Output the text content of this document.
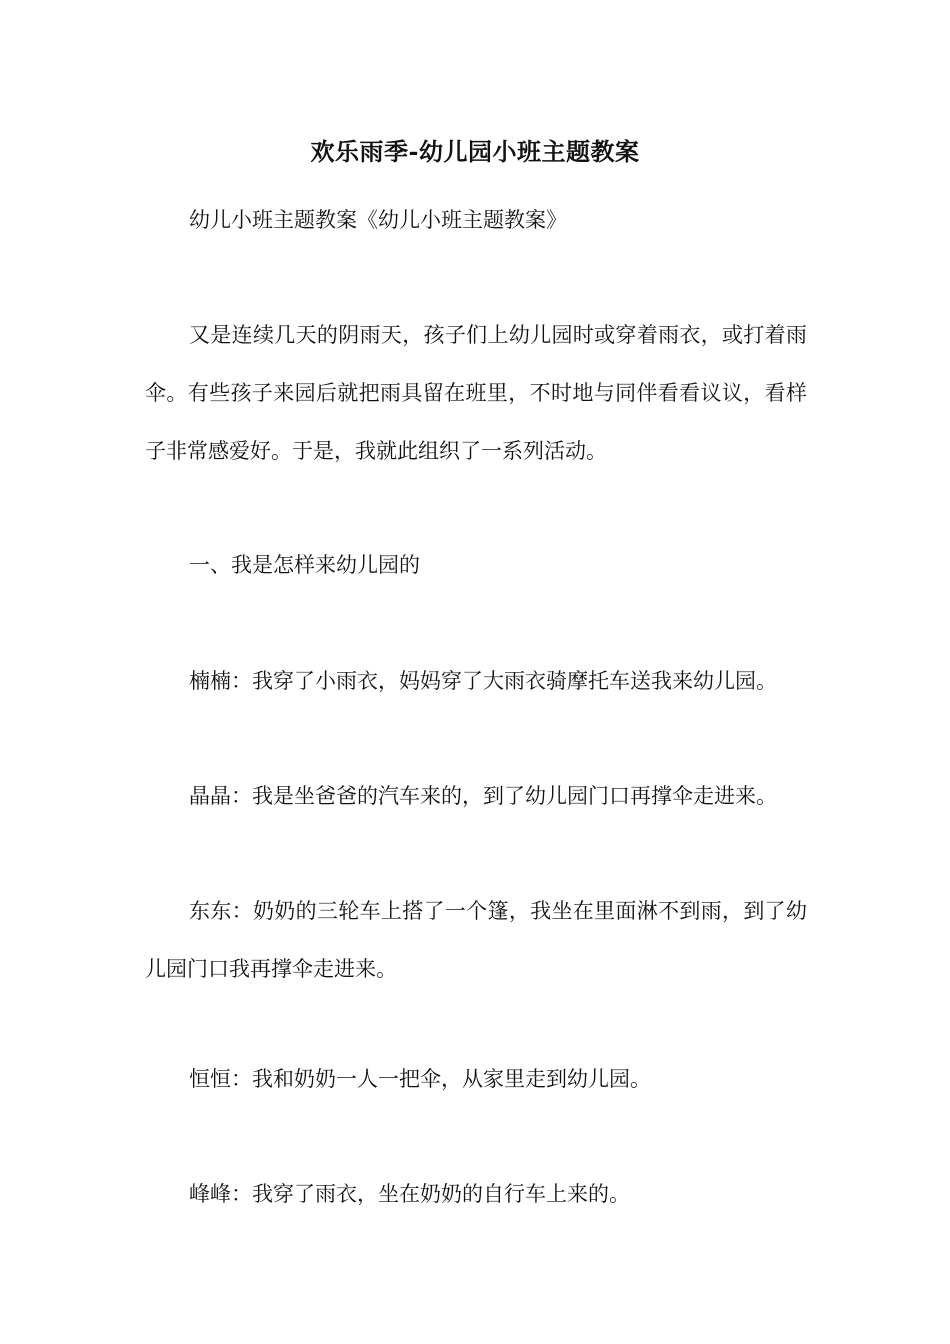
欢乐雨季-幼儿园小班主题教案

幼儿小班主题教案《幼儿小班主题教案》

又是连续几天的阴雨天，孩子们上幼儿园时或穿着雨衣，或打着雨伞。有些孩子来园后就把雨具留在班里，不时地与同伴看看议议，看样子非常感爱好。于是，我就此组织了一系列活动。

一、我是怎样来幼儿园的

楠楠：我穿了小雨衣，妈妈穿了大雨衣骑摩托车送我来幼儿园。

晶晶：我是坐爸爸的汽车来的，到了幼儿园门口再撑伞走进来。

东东：奶奶的三轮车上搭了一个篷，我坐在里面淋不到雨，到了幼儿园门口我再撑伞走进来。

恒恒：我和奶奶一人一把伞，从家里走到幼儿园。

峰峰：我穿了雨衣，坐在奶奶的自行车上来的。
